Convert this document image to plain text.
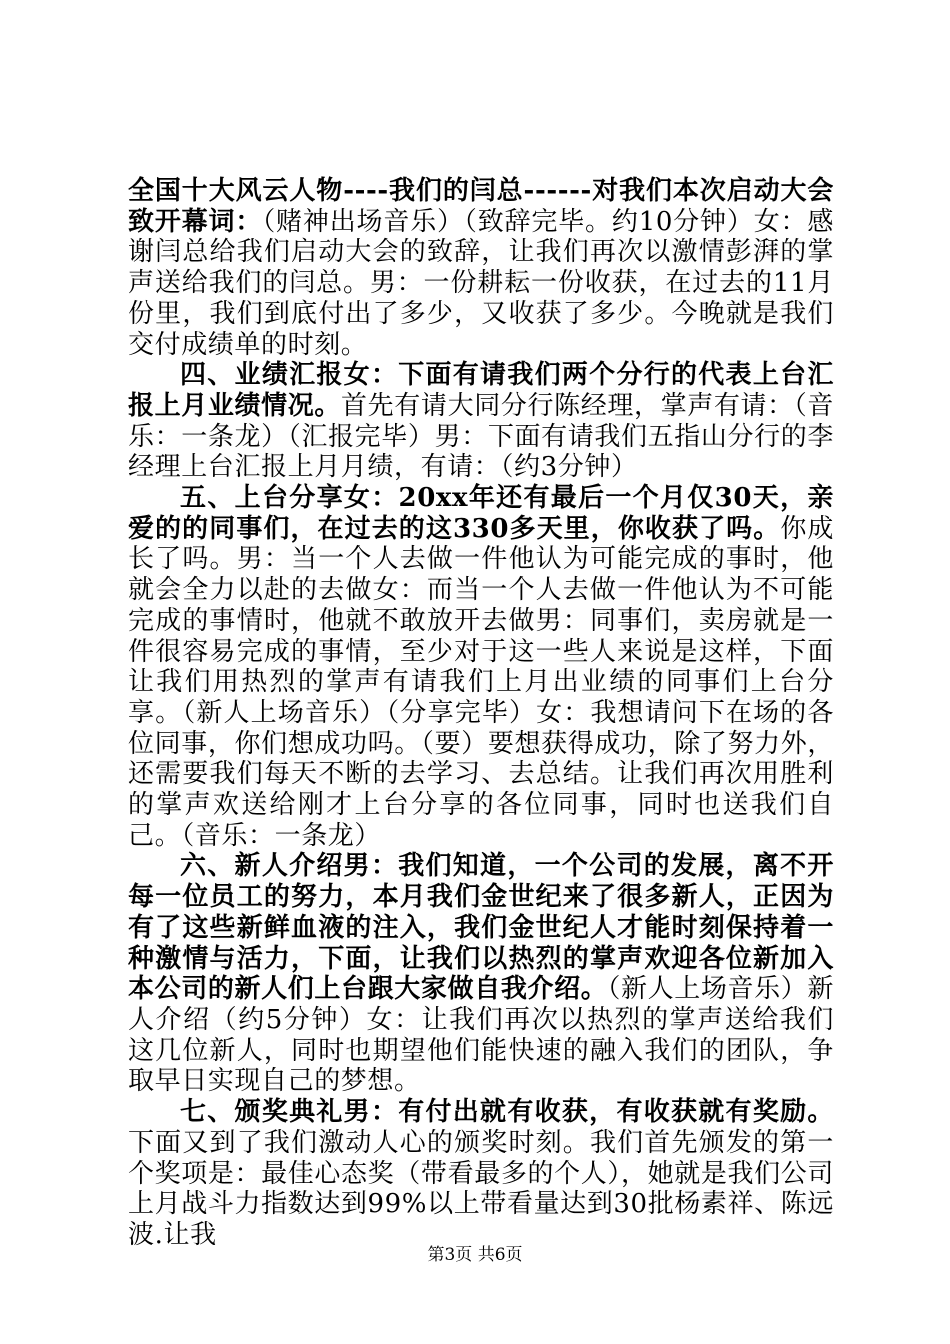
全国十大风云人物----我们的闫总------对我们本次启动大会致开幕词：（赌神出场音乐）（致辞完毕。约10分钟）女：感谢闫总给我们启动大会的致辞，让我们再次以激情彭湃的掌声送给我们的闫总。男：一份耕耘一份收获，在过去的11月份里，我们到底付出了多少，又收获了多少。今晚就是我们交付成绩单的时刻。

四、业绩汇报女：下面有请我们两个分行的代表上台汇报上月业绩情况。首先有请大同分行陈经理，掌声有请：（音乐：一条龙）（汇报完毕）男：下面有请我们五指山分行的李经理上台汇报上月月绩，有请：（约3分钟）

五、上台分享女：20xx年还有最后一个月仅30天，亲爱的的同事们，在过去的这330多天里，你收获了吗。你成长了吗。男：当一个人去做一件他认为可能完成的事时，他就会全力以赴的去做女：而当一个人去做一件他认为不可能完成的事情时，他就不敢放开去做男：同事们，卖房就是一件很容易完成的事情，至少对于这一些人来说是这样，下面让我们用热烈的掌声有请我们上月出业绩的同事们上台分享。（新人上场音乐）（分享完毕）女：我想请问下在场的各位同事，你们想成功吗。（要）要想获得成功，除了努力外，还需要我们每天不断的去学习、去总结。让我们再次用胜利的掌声欢送给刚才上台分享的各位同事，同时也送我们自己。（音乐：一条龙）

六、新人介绍男：我们知道，一个公司的发展，离不开每一位员工的努力，本月我们金世纪来了很多新人，正因为有了这些新鲜血液的注入，我们金世纪人才能时刻保持着一种激情与活力，下面，让我们以热烈的掌声欢迎各位新加入本公司的新人们上台跟大家做自我介绍。（新人上场音乐）新人介绍（约5分钟）女：让我们再次以热烈的掌声送给我们这几位新人，同时也期望他们能快速的融入我们的团队，争取早日实现自己的梦想。

七、颁奖典礼男：有付出就有收获，有收获就有奖励。下面又到了我们激动人心的颁奖时刻。我们首先颁发的第一个奖项是：最佳心态奖（带看最多的个人），她就是我们公司上月战斗力指数达到99%以上带看量达到30批杨素祥、陈远波.让我

第3页 共6页
